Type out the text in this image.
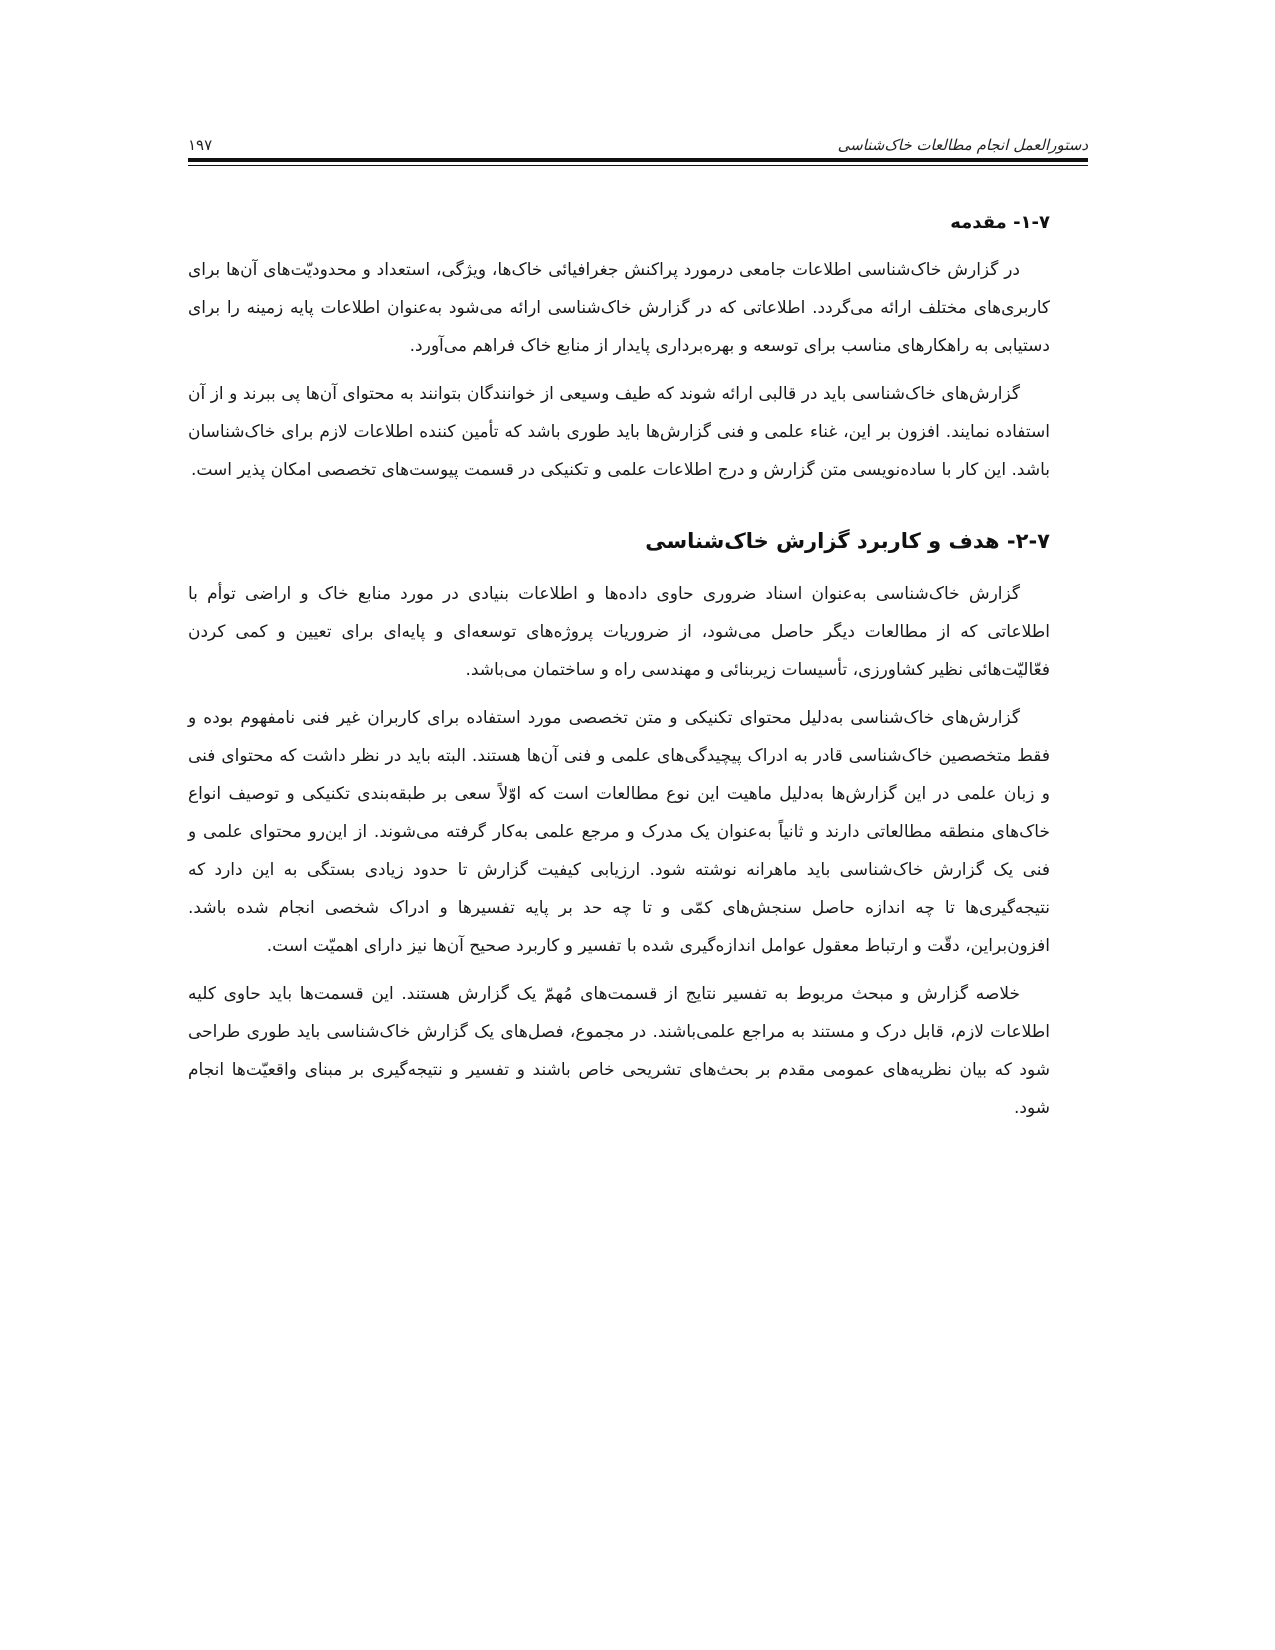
۱۹۷	دستورالعمل انجام مطالعات خاک‌شناسی
۱-۷- مقدمه

در گزارش خاک‌شناسی اطلاعات جامعی درمورد پراکنش جغرافیائی خاک‌ها، ویژگی، استعداد و محدودیّت‌های آن‌ها برای کاربری‌های مختلف ارائه می‌گردد. اطلاعاتی که در گزارش خاک‌شناسی ارائه می‌شود به‌عنوان اطلاعات پایه زمینه را برای دستیابی به راهکارهای مناسب برای توسعه و بهره‌برداری پایدار از منابع خاک فراهم می‌آورد.

گزارش‌های خاک‌شناسی باید در قالبی ارائه شوند که طیف وسیعی از خوانندگان بتوانند به محتوای آن‌ها پی ببرند و از آن استفاده نمایند. افزون بر این، غناء علمی و فنی گزارش‌ها باید طوری باشد که تأمین کننده اطلاعات لازم برای خاک‌شناسان باشد. این کار با ساده‌نویسی متن گزارش و درج اطلاعات علمی و تکنیکی در قسمت پیوست‌های تخصصی امکان پذیر است.

۲-۷- هدف و کاربرد گزارش خاک‌شناسی

گزارش خاک‌شناسی به‌عنوان اسناد ضروری حاوی داده‌ها و اطلاعات بنیادی در مورد منابع خاک و اراضی توأم با اطلاعاتی که از مطالعات دیگر حاصل می‌شود، از ضروریات پروژه‌های توسعه‌ای و پایه‌ای برای تعیین و کمی کردن فعّالیّت‌هائی نظیر کشاورزی، تأسیسات زیربنائی و مهندسی راه و ساختمان می‌باشد.

گزارش‌های خاک‌شناسی به‌دلیل محتوای تکنیکی و متن تخصصی مورد استفاده برای کاربران غیر فنی نامفهوم بوده و فقط متخصصین خاک‌شناسی قادر به ادراک پیچیدگی‌های علمی و فنی آن‌ها هستند. البته باید در نظر داشت که محتوای فنی و زبان علمی در این گزارش‌ها به‌دلیل ماهیت این نوع مطالعات است که اوّلاً سعی بر طبقه‌بندی تکنیکی و توصیف انواع خاک‌های منطقه مطالعاتی دارند و ثانیاً به‌عنوان یک مدرک و مرجع علمی به‌کار گرفته می‌شوند. از این‌رو محتوای علمی و فنی یک گزارش خاک‌شناسی باید ماهرانه نوشته شود. ارزیابی کیفیت گزارش تا حدود زیادی بستگی به این دارد که نتیجه‌گیری‌ها تا چه اندازه حاصل سنجش‌های کمّی و تا چه حد بر پایه تفسیرها و ادراک شخصی انجام شده باشد. افزون‌براین، دقّت و ارتباط معقول عوامل اندازه‌گیری شده با تفسیر و کاربرد صحیح آن‌ها نیز دارای اهمیّت است.

خلاصه گزارش و مبحث مربوط به تفسیر نتایج از قسمت‌های مُهمّ یک گزارش هستند. این قسمت‌ها باید حاوی کلیه اطلاعات لازم، قابل درک و مستند به مراجع علمی‌باشند. در مجموع، فصل‌های یک گزارش خاک‌شناسی باید طوری طراحی شود که بیان نظریه‌های عمومی مقدم بر بحث‌های تشریحی خاص باشند و تفسیر و نتیجه‌گیری بر مبنای واقعیّت‌ها انجام شود.
